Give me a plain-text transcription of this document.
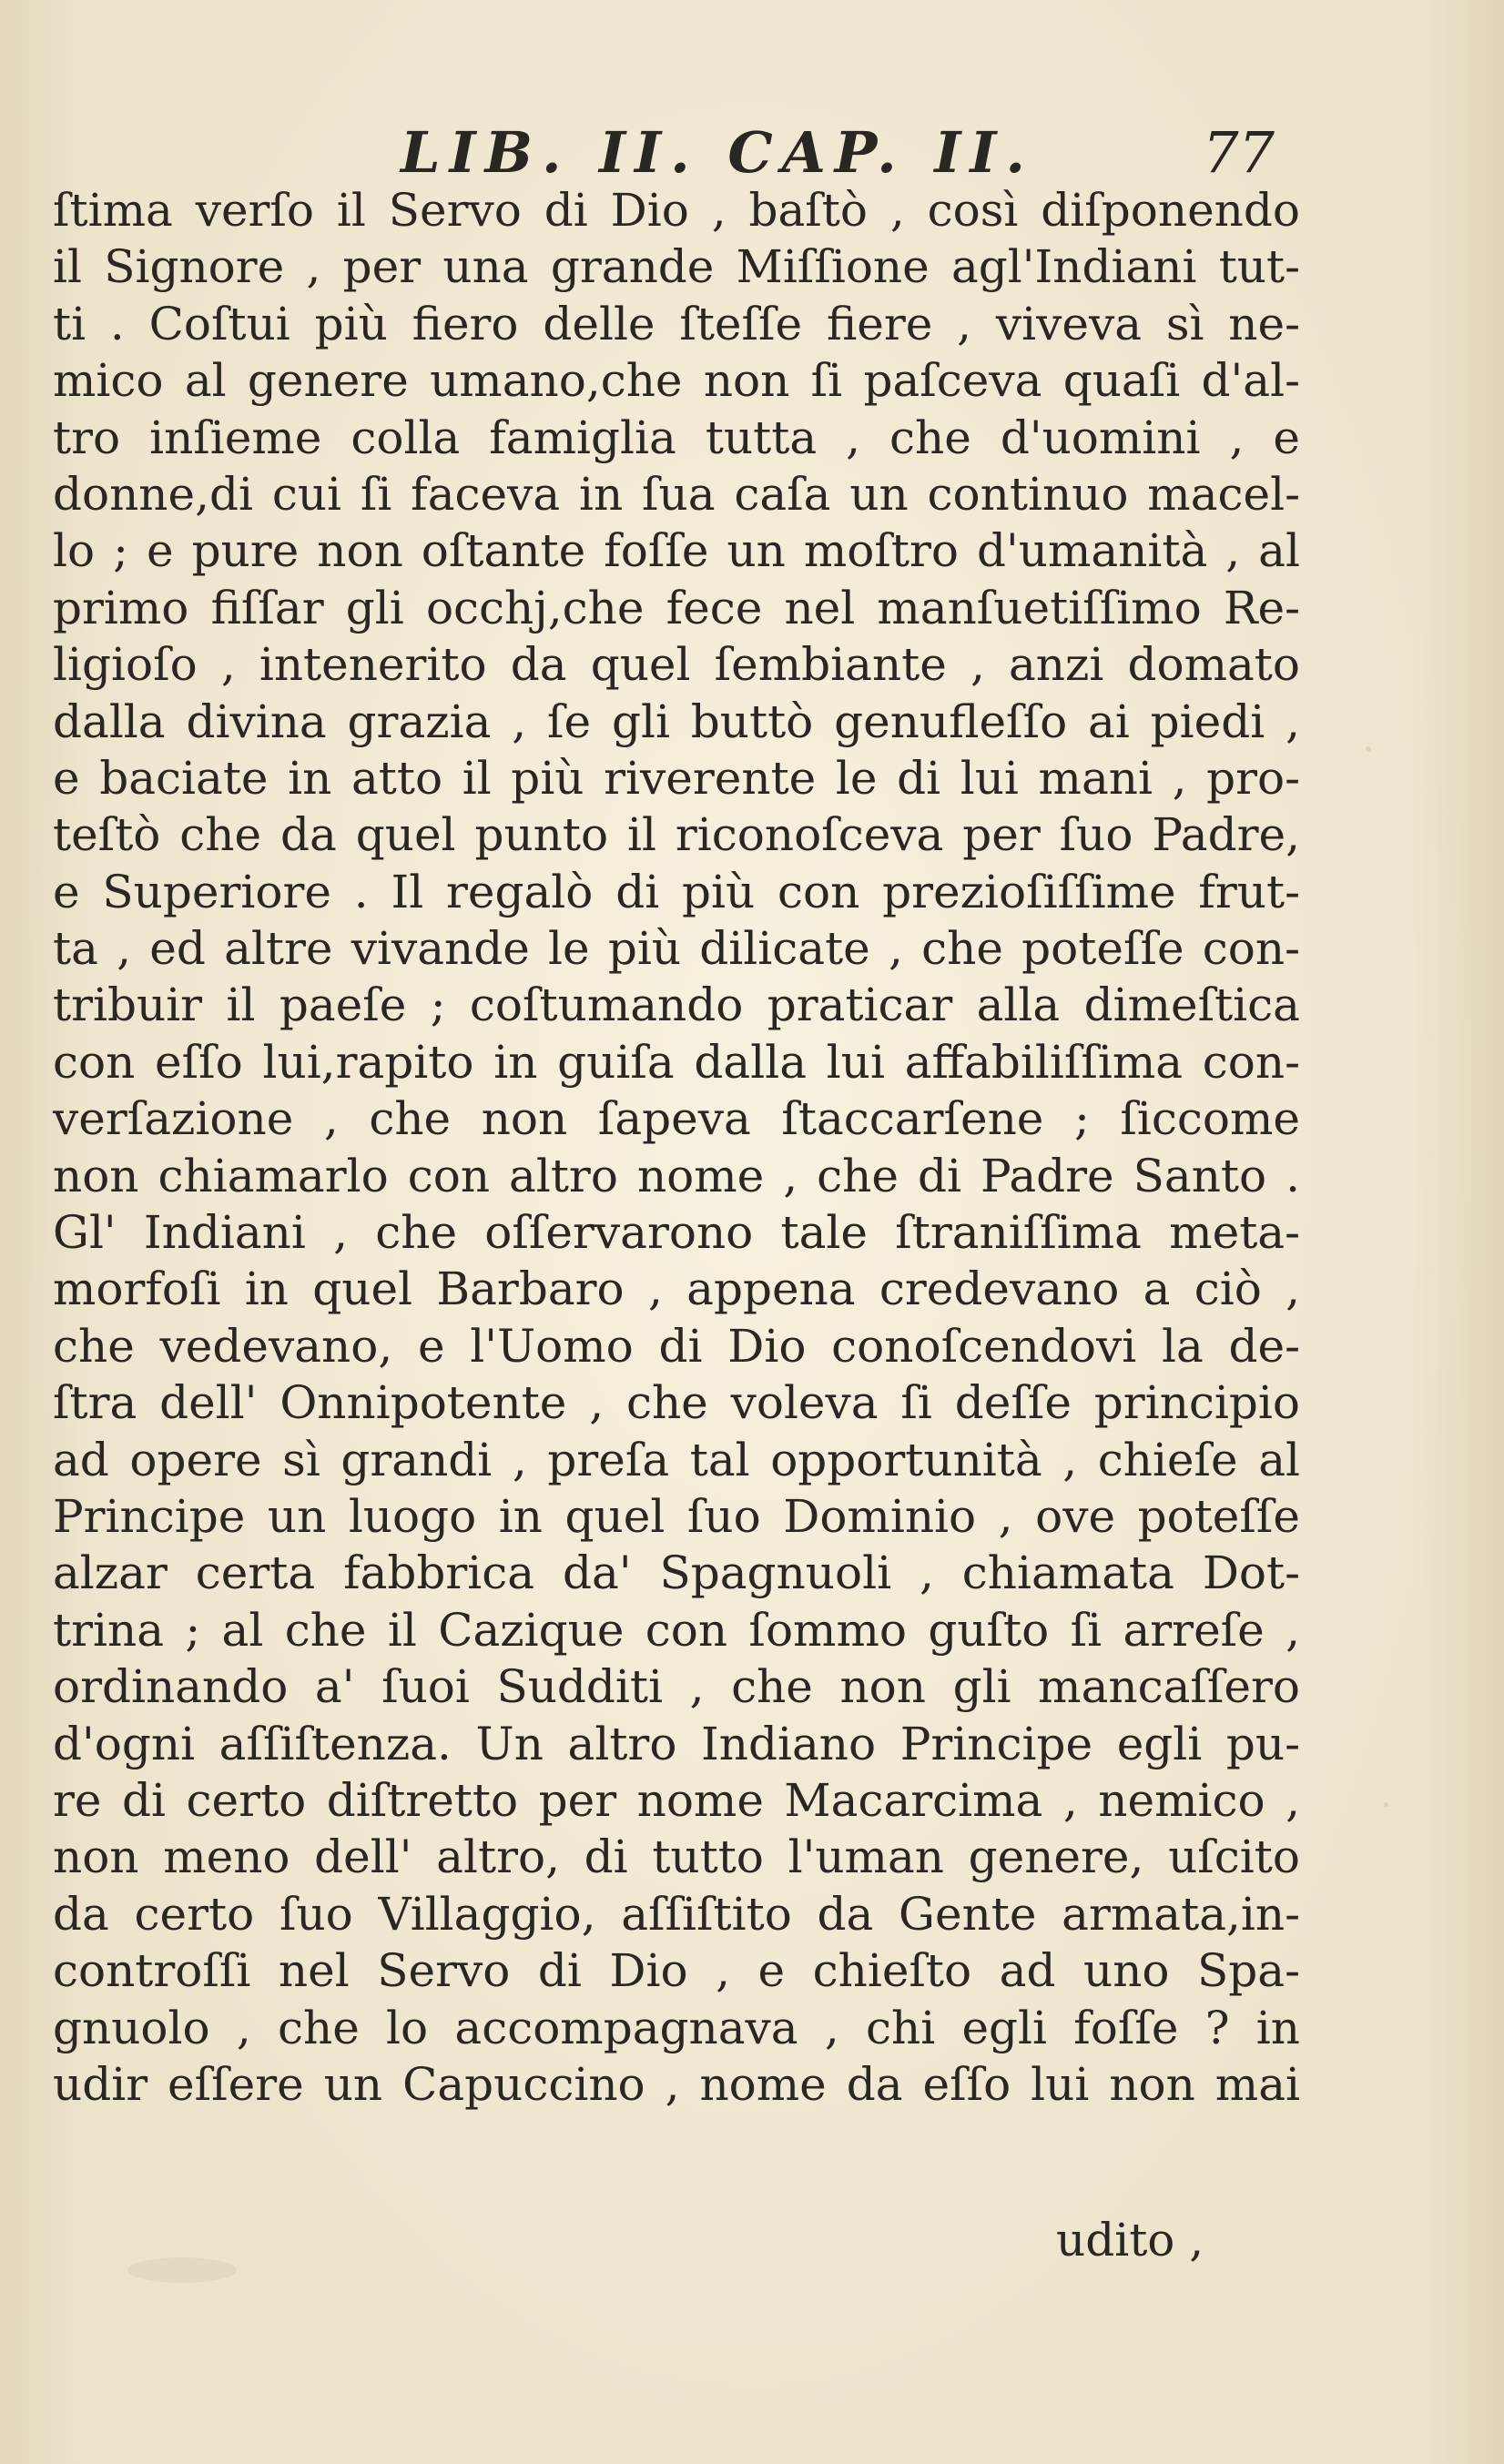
LIB. II. CAP. II.	77
ſtima verſo il Servo di Dio , baſtò , così diſponendo
il Signore , per una grande Miſſione agl'Indiani tut-
ti . Coſtui più fiero delle ſteſſe fiere , viveva sì ne-
mico al genere umano,che non ſi paſceva quaſi d'al-
tro inſieme colla famiglia tutta , che d'uomini , e
donne,di cui ſi faceva in ſua caſa un continuo macel-
lo ; e pure non oſtante foſſe un moſtro d'umanità , al
primo fiſſar gli occhj,che fece nel manſuetiſſimo Re-
ligioſo , intenerito da quel ſembiante , anzi domato
dalla divina grazia , ſe gli buttò genufleſſo ai piedi ,
e baciate in atto il più riverente le di lui mani , pro-
teſtò che da quel punto il riconoſceva per ſuo Padre,
e Superiore . Il regalò di più con prezioſiſſime frut-
ta , ed altre vivande le più dilicate , che poteſſe con-
tribuir il paeſe ; coſtumando praticar alla dimeſtica
con eſſo lui,rapito in guiſa dalla lui affabiliſſima con-
verſazione , che non ſapeva ſtaccarſene ; ſiccome
non chiamarlo con altro nome , che di Padre Santo .
Gl' Indiani , che oſſervarono tale ſtraniſſima meta-
morfoſi in quel Barbaro , appena credevano a ciò ,
che vedevano, e l'Uomo di Dio conoſcendovi la de-
ſtra dell' Onnipotente , che voleva ſi deſſe principio
ad opere sì grandi , preſa tal opportunità , chieſe al
Principe un luogo in quel ſuo Dominio , ove poteſſe
alzar certa fabbrica da' Spagnuoli , chiamata Dot-
trina ; al che il Cazique con ſommo guſto ſi arreſe ,
ordinando a' ſuoi Sudditi , che non gli mancaſſero
d'ogni aſſiſtenza. Un altro Indiano Principe egli pu-
re di certo diſtretto per nome Macarcima , nemico ,
non meno dell' altro, di tutto l'uman genere, uſcito
da certo ſuo Villaggio, aſſiſtito da Gente armata,in-
controſſi nel Servo di Dio , e chieſto ad uno Spa-
gnuolo , che lo accompagnava , chi egli foſſe ? in
udir eſſere un Capuccino , nome da eſſo lui non mai
udito ,
